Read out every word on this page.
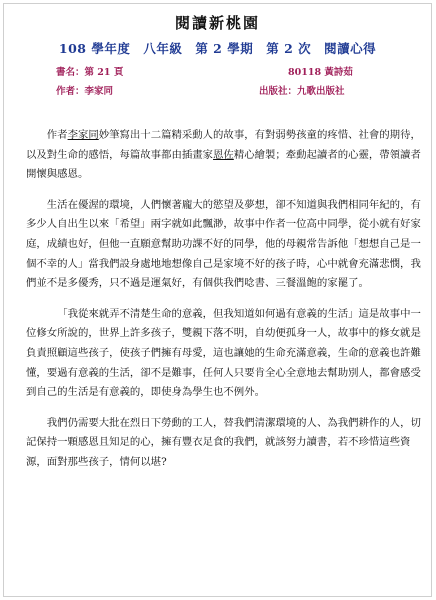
閱讀新桃園
108 學年度　八年級　第 2 學期　第 2 次　閱讀心得
書名：第 21 頁	80118 黃詩茹
作者：李家同	出版社：九歌出版社

作者李家同妙筆寫出十二篇精采動人的故事，有對弱勢孩童的疼惜、社會的期待，以及對生命的感悟，每篇故事都由插畫家恩佐精心繪製；牽動起讀者的心靈，帶領讀者開懷與感恩。

生活在優渥的環境，人們懷著龐大的慾望及夢想，卻不知道與我們相同年紀的，有多少人自出生以來「希望」兩字就如此飄渺，故事中作者一位高中同學，從小就有好家庭，成績也好，但他一直願意幫助功課不好的同學，他的母親常告訴他「想想自己是一個不幸的人」當我們設身處地地想像自己是家境不好的孩子時，心中就會充滿悲憫，我們並不是多優秀，只不過是運氣好，有個供我們唸書、三餐溫飽的家罷了。

「我從來就弄不清楚生命的意義，但我知道如何過有意義的生活」這是故事中一位修女所說的，世界上許多孩子，雙親下落不明，自幼便孤身一人，故事中的修女就是負責照顧這些孩子，使孩子們擁有母愛，這也讓她的生命充滿意義，生命的意義也許難懂，要過有意義的生活，卻不是難事，任何人只要肯全心全意地去幫助別人，都會感受到自己的生活是有意義的，即使身為學生也不例外。

我們仍需要大批在烈日下勞動的工人，替我們清潔環境的人、為我們耕作的人，切記保持一顆感恩且知足的心，擁有豐衣足食的我們，就該努力讀書，若不珍惜這些資源，面對那些孩子，情何以堪?
